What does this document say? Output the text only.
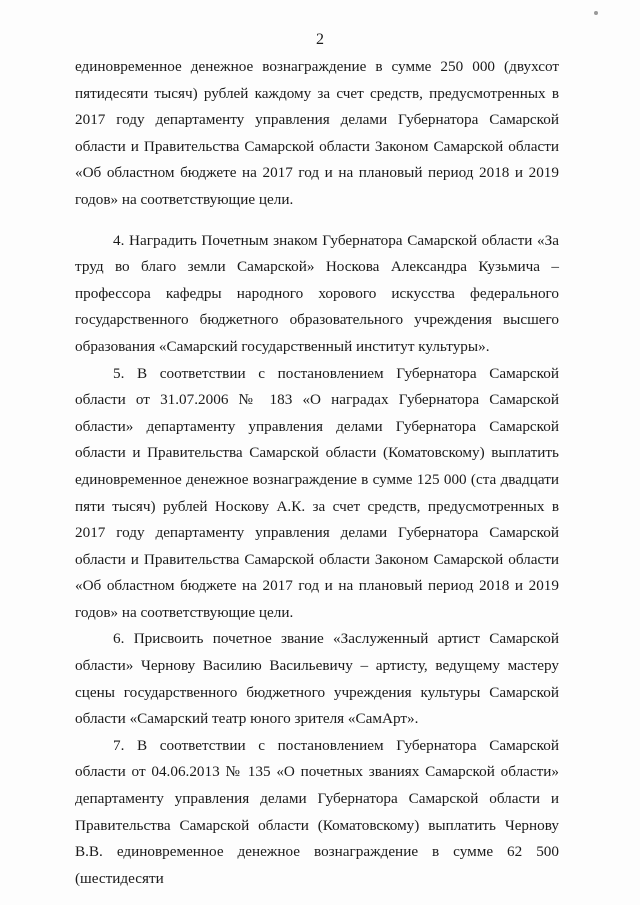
2

единовременное денежное вознаграждение в сумме 250 000 (двухсот пятидесяти тысяч) рублей каждому за счет средств, предусмотренных в 2017 году департаменту управления делами Губернатора Самарской области и Правительства Самарской области Законом Самарской области «Об областном бюджете на 2017 год и на плановый период 2018 и 2019 годов» на соответствующие цели.

4. Наградить Почетным знаком Губернатора Самарской области «За труд во благо земли Самарской» Носкова Александра Кузьмича – профессора кафедры народного хорового искусства федерального государственного бюджетного образовательного учреждения высшего образования «Самарский государственный институт культуры».

5. В соответствии с постановлением Губернатора Самарской области от 31.07.2006 № 183 «О наградах Губернатора Самарской области» департаменту управления делами Губернатора Самарской области и Правительства Самарской области (Коматовскому) выплатить единовременное денежное вознаграждение в сумме 125 000 (ста двадцати пяти тысяч) рублей Носкову А.К. за счет средств, предусмотренных в 2017 году департаменту управления делами Губернатора Самарской области и Правительства Самарской области Законом Самарской области «Об областном бюджете на 2017 год и на плановый период 2018 и 2019 годов» на соответствующие цели.

6. Присвоить почетное звание «Заслуженный артист Самарской области» Чернову Василию Васильевичу – артисту, ведущему мастеру сцены государственного бюджетного учреждения культуры Самарской области «Самарский театр юного зрителя «СамАрт».

7. В соответствии с постановлением Губернатора Самарской области от 04.06.2013 № 135 «О почетных званиях Самарской области» департаменту управления делами Губернатора Самарской области и Правительства Самарской области (Коматовскому) выплатить Чернову В.В. единовременное денежное вознаграждение в сумме 62 500 (шестидесяти
